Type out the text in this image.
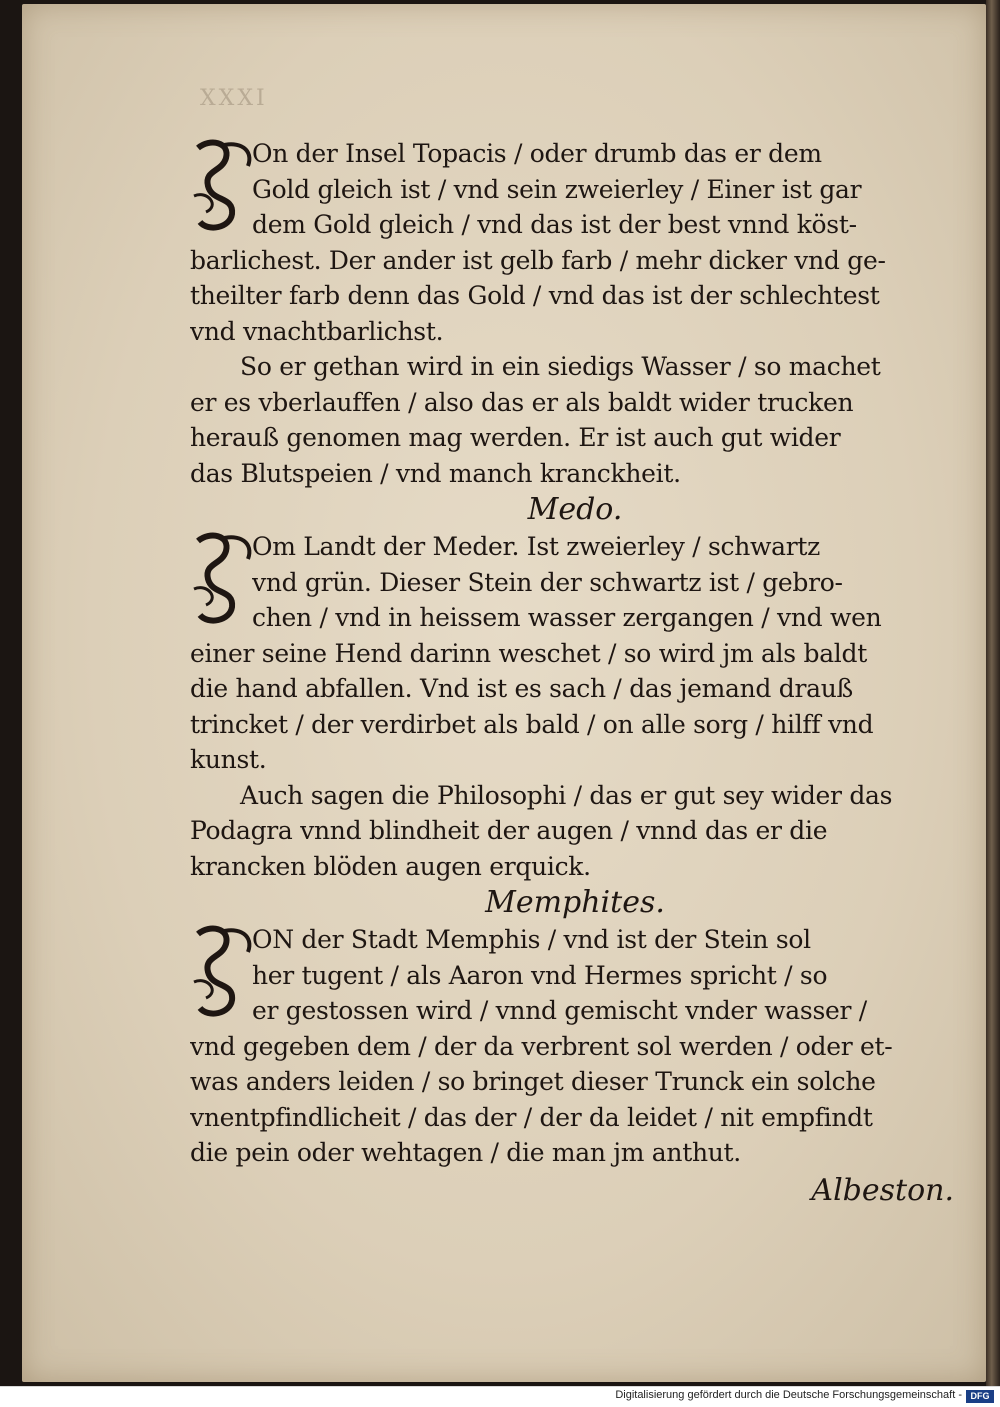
XXXI
On der Insel Topacis / oder drumb das er dem
Gold gleich ist / vnd sein zweierley / Einer ist gar
dem Gold gleich / vnd das ist der best vnnd köst-
barlichest. Der ander ist gelb farb / mehr dicker vnd ge-
theilter farb denn das Gold / vnd das ist der schlechtest
vnd vnachtbarlichst.
So er gethan wird in ein siedigs Wasser / so machet
er es vberlauffen / also das er als baldt wider trucken
herauß genomen mag werden. Er ist auch gut wider
das Blutspeien / vnd manch kranckheit.
Medo.
Om Landt der Meder. Ist zweierley / schwartz
vnd grün. Dieser Stein der schwartz ist / gebro-
chen / vnd in heissem wasser zergangen / vnd wen
einer seine Hend darinn weschet / so wird jm als baldt
die hand abfallen. Vnd ist es sach / das jemand drauß
trincket / der verdirbet als bald / on alle sorg / hilff vnd
kunst.
Auch sagen die Philosophi / das er gut sey wider das
Podagra vnnd blindheit der augen / vnnd das er die
krancken blöden augen erquick.
Memphites.
ON der Stadt Memphis / vnd ist der Stein sol
her tugent / als Aaron vnd Hermes spricht / so
er gestossen wird / vnnd gemischt vnder wasser /
vnd gegeben dem / der da verbrent sol werden / oder et-
was anders leiden / so bringet dieser Trunck ein solche
vnentpfindlicheit / das der / der da leidet / nit empfindt
die pein oder wehtagen / die man jm anthut.
Albeston.
Digitalisierung gefördert durch die Deutsche Forschungsgemeinschaft - DFG
